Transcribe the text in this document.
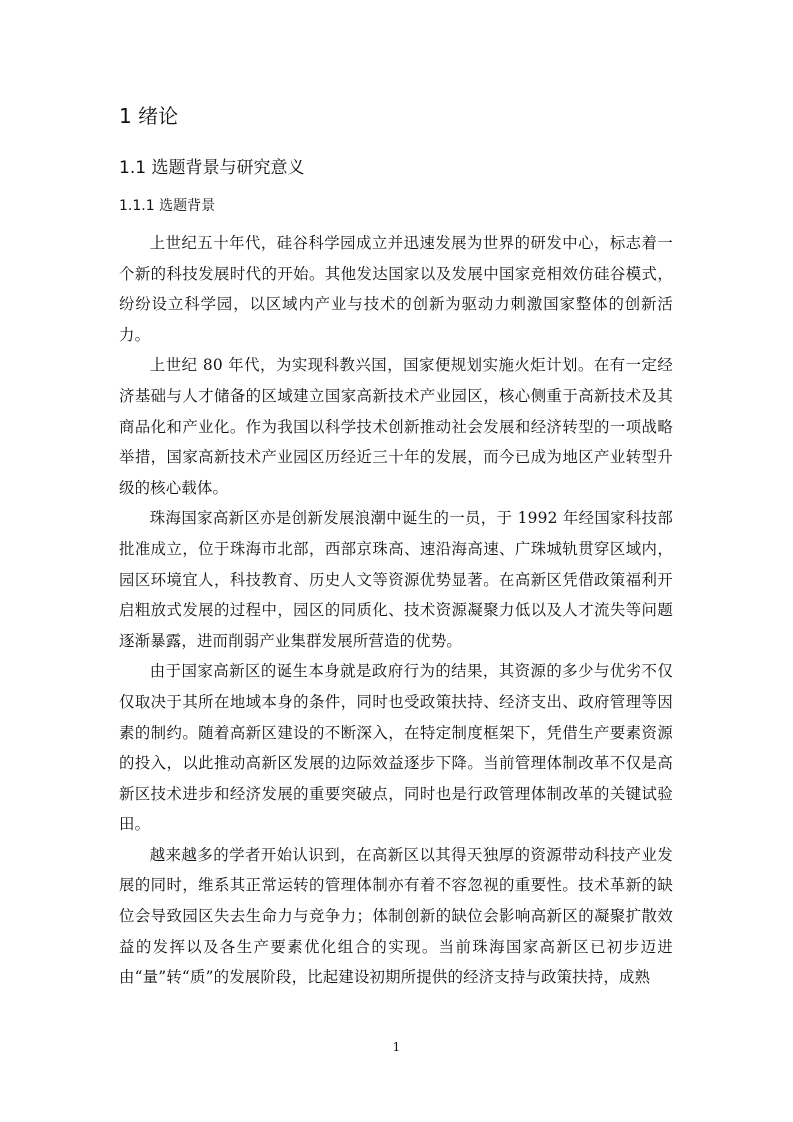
1 绪论
1.1 选题背景与研究意义
1.1.1 选题背景

上世纪五十年代，硅谷科学园成立并迅速发展为世界的研发中心，标志着一个新的科技发展时代的开始。其他发达国家以及发展中国家竞相效仿硅谷模式，纷纷设立科学园，以区域内产业与技术的创新为驱动力刺激国家整体的创新活力。

上世纪 80 年代，为实现科教兴国，国家便规划实施火炬计划。在有一定经济基础与人才储备的区域建立国家高新技术产业园区，核心侧重于高新技术及其商品化和产业化。作为我国以科学技术创新推动社会发展和经济转型的一项战略举措，国家高新技术产业园区历经近三十年的发展，而今已成为地区产业转型升级的核心载体。

珠海国家高新区亦是创新发展浪潮中诞生的一员，于 1992 年经国家科技部批准成立，位于珠海市北部，西部京珠高、速沿海高速、广珠城轨贯穿区域内，园区环境宜人，科技教育、历史人文等资源优势显著。在高新区凭借政策福利开启粗放式发展的过程中，园区的同质化、技术资源凝聚力低以及人才流失等问题逐渐暴露，进而削弱产业集群发展所营造的优势。

由于国家高新区的诞生本身就是政府行为的结果，其资源的多少与优劣不仅仅取决于其所在地域本身的条件，同时也受政策扶持、经济支出、政府管理等因素的制约。随着高新区建设的不断深入，在特定制度框架下，凭借生产要素资源的投入，以此推动高新区发展的边际效益逐步下降。当前管理体制改革不仅是高新区技术进步和经济发展的重要突破点，同时也是行政管理体制改革的关键试验田。

越来越多的学者开始认识到，在高新区以其得天独厚的资源带动科技产业发展的同时，维系其正常运转的管理体制亦有着不容忽视的重要性。技术革新的缺位会导致园区失去生命力与竞争力；体制创新的缺位会影响高新区的凝聚扩散效益的发挥以及各生产要素优化组合的实现。当前珠海国家高新区已初步迈进由“量”转“质”的发展阶段，比起建设初期所提供的经济支持与政策扶持，成熟

1
